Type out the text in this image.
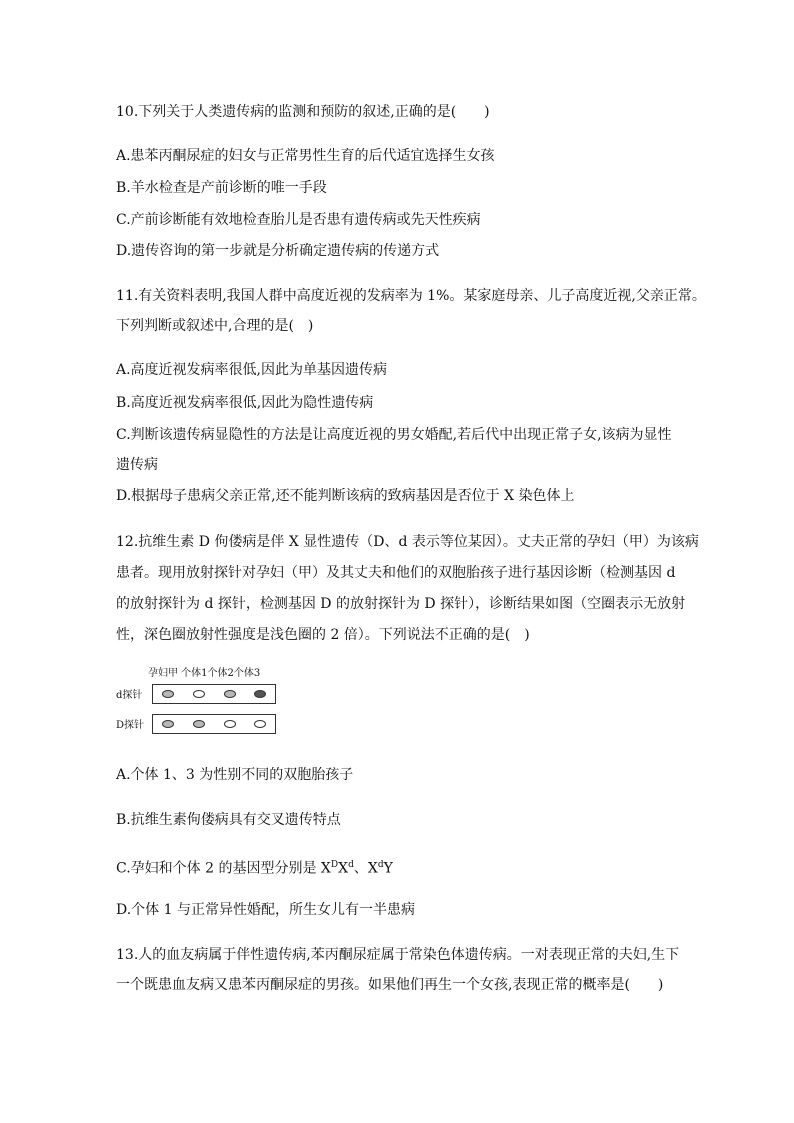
10.下列关于人类遗传病的监测和预防的叙述,正确的是(　　)
A.患苯丙酮尿症的妇女与正常男性生育的后代适宜选择生女孩
B.羊水检查是产前诊断的唯一手段
C.产前诊断能有效地检查胎儿是否患有遗传病或先天性疾病
D.遗传咨询的第一步就是分析确定遗传病的传递方式
11.有关资料表明,我国人群中高度近视的发病率为 1%。某家庭母亲、儿子高度近视,父亲正常。
下列判断或叙述中,合理的是(　)
A.高度近视发病率很低,因此为单基因遗传病
B.高度近视发病率很低,因此为隐性遗传病
C.判断该遗传病显隐性的方法是让高度近视的男女婚配,若后代中出现正常子女,该病为显性
遗传病
D.根据母子患病父亲正常,还不能判断该病的致病基因是否位于 X 染色体上
12.抗维生素 D 佝偻病是伴 X 显性遗传（D、d 表示等位某因）。丈夫正常的孕妇（甲）为该病
患者。现用放射探针对孕妇（甲）及其丈夫和他们的双胞胎孩子进行基因诊断（检测基因 d
的放射探针为 d 探针，检测基因 D 的放射探针为 D 探针），诊断结果如图（空圈表示无放射
性，深色圈放射性强度是浅色圈的 2 倍）。下列说法不正确的是(　)
孕妇甲 个体1个体2个体3
d探针
D探针
A.个体 1、3 为性别不同的双胞胎孩子
B.抗维生素佝偻病具有交叉遗传特点
C.孕妇和个体 2 的基因型分别是 $X^DX^d$、$X^dY$
D.个体 1 与正常异性婚配，所生女儿有一半患病
13.人的血友病属于伴性遗传病,苯丙酮尿症属于常染色体遗传病。一对表现正常的夫妇,生下
一个既患血友病又患苯丙酮尿症的男孩。如果他们再生一个女孩,表现正常的概率是(　　)
